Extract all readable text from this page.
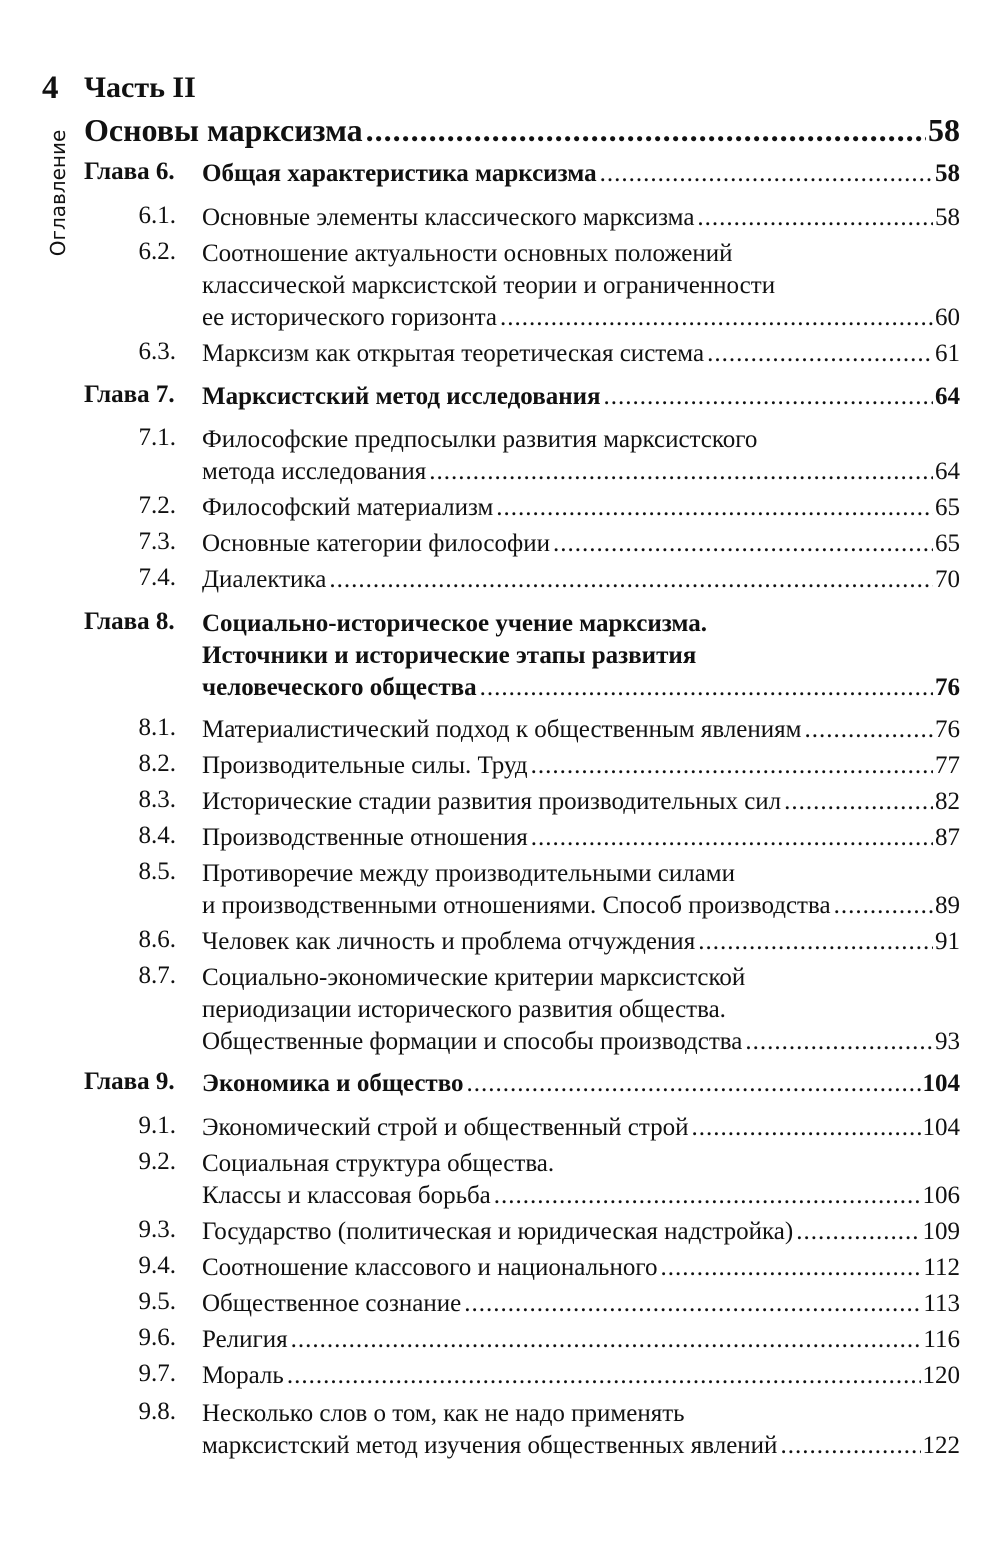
4
Оглавление
Часть II
Основы марксизма .....	58
Глава 6. Общая характеристика марксизма .....	58
6.1. Основные элементы классического марксизма .....	58
6.2. Соотношение актуальности основных положений
классической марксистской теории и ограниченности
ее исторического горизонта .....	60
6.3. Марксизм как открытая теоретическая система .....	61
Глава 7. Марксистский метод исследования .....	64
7.1. Философские предпосылки развития марксистского
метода исследования .....	64
7.2. Философский материализм .....	65
7.3. Основные категории философии .....	65
7.4. Диалектика .....	70
Глава 8. Социально-историческое учение марксизма.
Источники и исторические этапы развития
человеческого общества .....	76
8.1. Материалистический подход к общественным явлениям .....	76
8.2. Производительные силы. Труд .....	77
8.3. Исторические стадии развития производительных сил .....	82
8.4. Производственные отношения .....	87
8.5. Противоречие между производительными силами
и производственными отношениями. Способ производства .....	89
8.6. Человек как личность и проблема отчуждения .....	91
8.7. Социально-экономические критерии марксистской
периодизации исторического развития общества.
Общественные формации и способы производства .....	93
Глава 9. Экономика и общество .....	104
9.1. Экономический строй и общественный строй .....	104
9.2. Социальная структура общества.
Классы и классовая борьба .....	106
9.3. Государство (политическая и юридическая надстройка) .....	109
9.4. Соотношение классового и национального .....	112
9.5. Общественное сознание .....	113
9.6. Религия .....	116
9.7. Мораль .....	120
9.8. Несколько слов о том, как не надо применять
марксистский метод изучения общественных явлений .....	122
